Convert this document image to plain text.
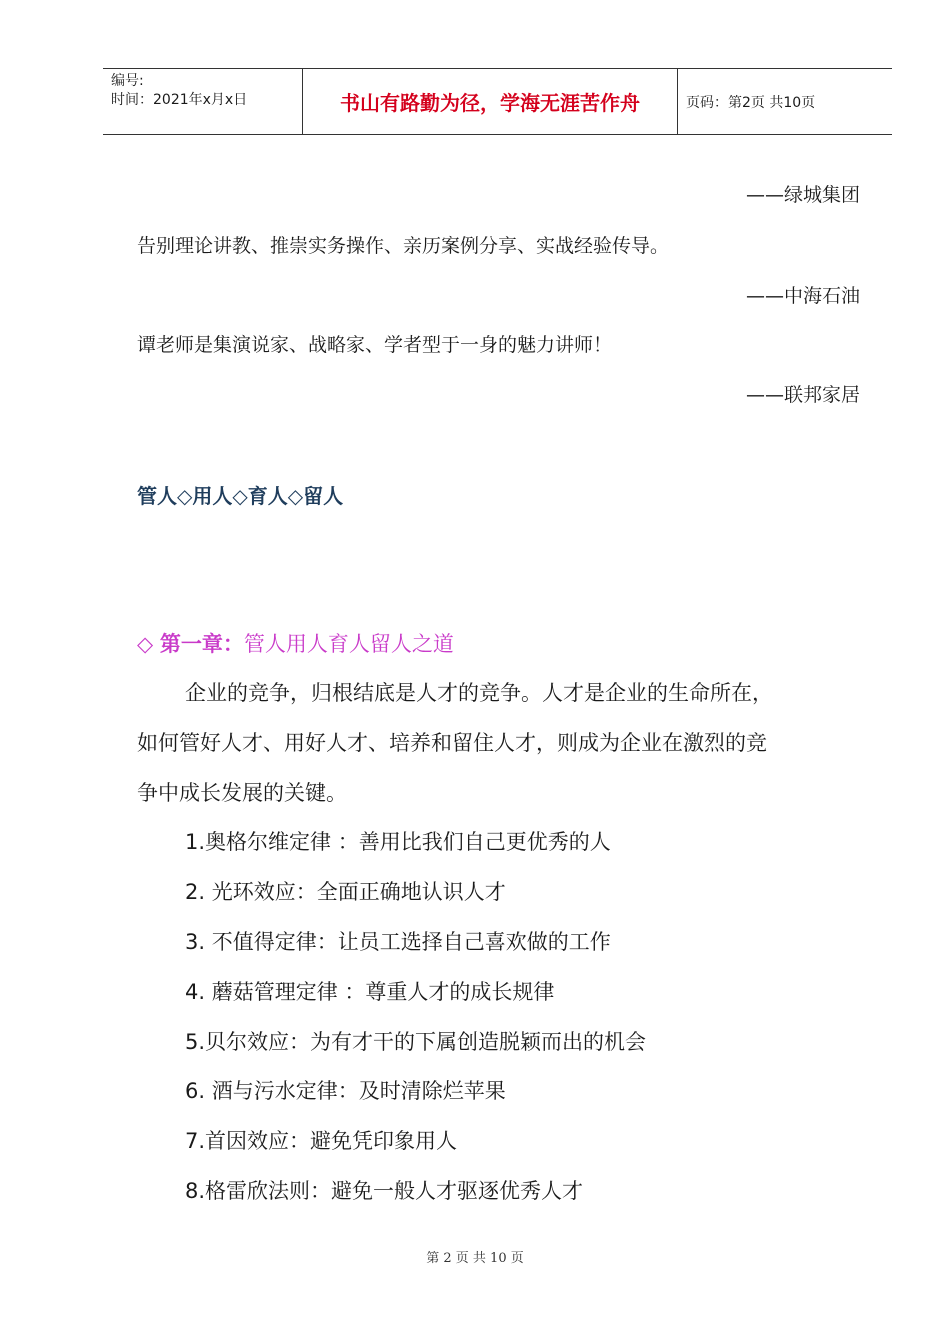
编号:
时间：2021年x月x日	书山有路勤为径，学海无涯苦作舟	页码：第2页 共10页
——绿城集团
告别理论讲教、推崇实务操作、亲历案例分享、实战经验传导。
——中海石油
谭老师是集演说家、战略家、学者型于一身的魅力讲师！
——联邦家居
管人◇用人◇育人◇留人
◇ 第一章：管人用人育人留人之道
企业的竞争，归根结底是人才的竞争。人才是企业的生命所在，
如何管好人才、用好人才、培养和留住人才，则成为企业在激烈的竞
争中成长发展的关键。
1.奥格尔维定律 ：善用比我们自己更优秀的人
2. 光环效应：全面正确地认识人才
3. 不值得定律：让员工选择自己喜欢做的工作
4. 蘑菇管理定律 ：尊重人才的成长规律
5.贝尔效应：为有才干的下属创造脱颖而出的机会
6. 酒与污水定律：及时清除烂苹果
7.首因效应：避免凭印象用人
8.格雷欣法则：避免一般人才驱逐优秀人才
第 2 页 共 10 页
